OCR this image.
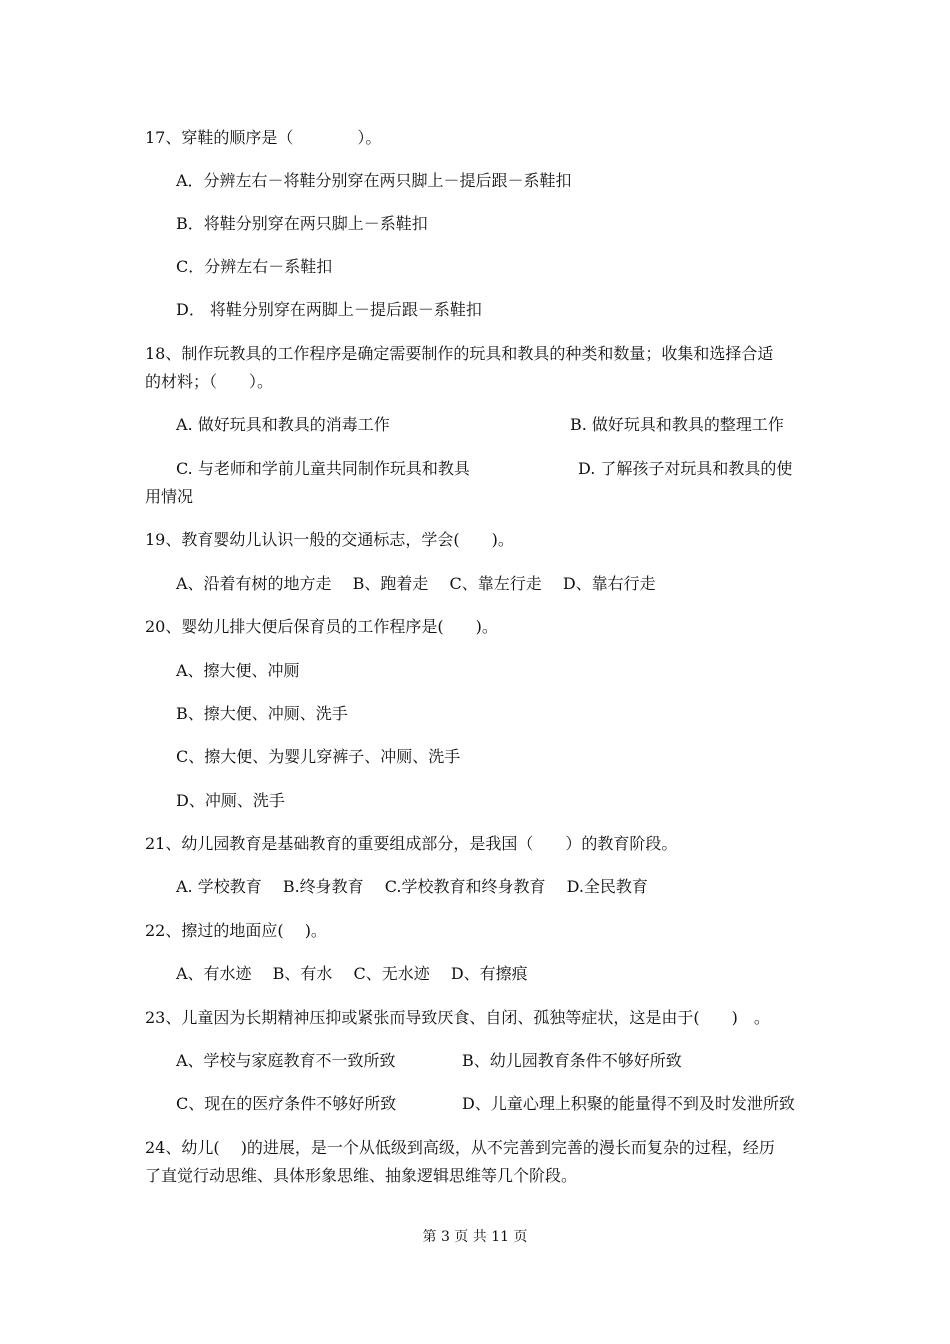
17、穿鞋的顺序是（　　　　）。
A．分辨左右－将鞋分别穿在两只脚上－提后跟－系鞋扣
B．将鞋分别穿在两只脚上－系鞋扣
C．分辨左右－系鞋扣
D． 将鞋分别穿在两脚上－提后跟－系鞋扣
18、制作玩教具的工作程序是确定需要制作的玩具和教具的种类和数量；收集和选择合适
的材料；（　　）。
A. 做好玩具和教具的消毒工作	B. 做好玩具和教具的整理工作
C. 与老师和学前儿童共同制作玩具和教具	D. 了解孩子对玩具和教具的使
用情况
19、教育婴幼儿认识一般的交通标志，学会(　　)。
A、沿着有树的地方走　 B、跑着走　 C、靠左行走　 D、靠右行走
20、婴幼儿排大便后保育员的工作程序是(　　)。
A、擦大便、冲厕
B、擦大便、冲厕、洗手
C、擦大便、为婴儿穿裤子、冲厕、洗手
D、冲厕、洗手
21、幼儿园教育是基础教育的重要组成部分，是我国（　　）的教育阶段。
A. 学校教育　 B.终身教育　 C.学校教育和终身教育　 D.全民教育
22、擦过的地面应(　 )。
A、有水迹　 B、有水　 C、无水迹　 D、有擦痕
23、儿童因为长期精神压抑或紧张而导致厌食、自闭、孤独等症状，这是由于(　　)　。
A、学校与家庭教育不一致所致	B、幼儿园教育条件不够好所致
C、现在的医疗条件不够好所致	D、儿童心理上积聚的能量得不到及时发泄所致
24、幼儿(　 )的进展，是一个从低级到高级，从不完善到完善的漫长而复杂的过程，经历
了直觉行动思维、具体形象思维、抽象逻辑思维等几个阶段。
第 3 页 共 11 页
